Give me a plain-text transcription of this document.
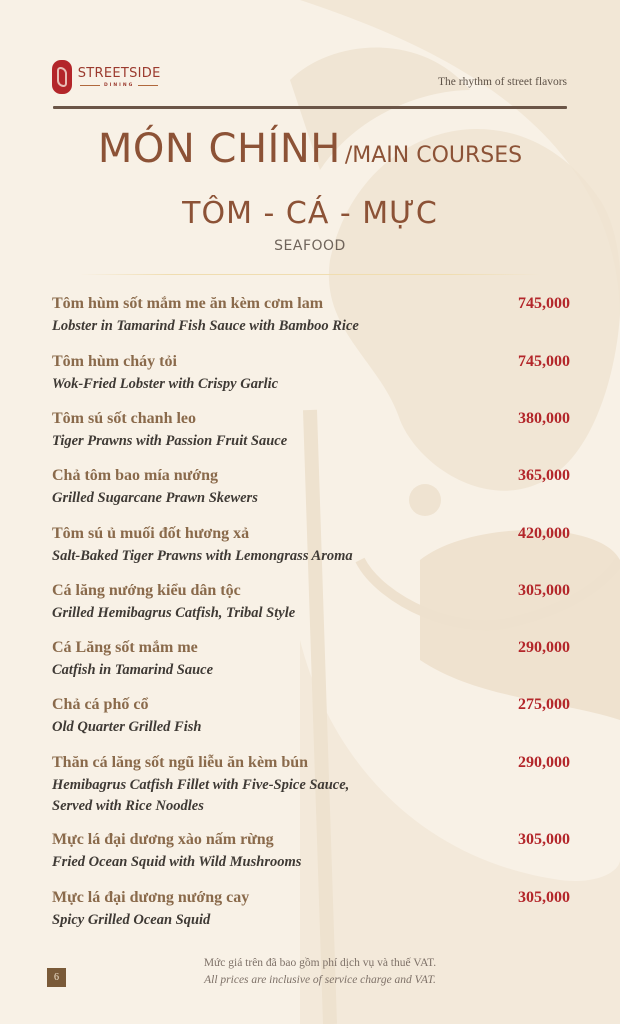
STREETSIDE
DINING	The rhythm of street flavors
MÓN CHÍNH /MAIN COURSES
TÔM - CÁ - MỰC
SEAFOOD
Tôm hùm sốt mắm me ăn kèm cơm lam
Lobster in Tamarind Fish Sauce with Bamboo Rice
745,000
Tôm hùm cháy tỏi
Wok-Fried Lobster with Crispy Garlic
745,000
Tôm sú sốt chanh leo
Tiger Prawns with Passion Fruit Sauce
380,000
Chả tôm bao mía nướng
Grilled Sugarcane Prawn Skewers
365,000
Tôm sú ủ muối đốt hương xả
Salt-Baked Tiger Prawns with Lemongrass Aroma
420,000
Cá lăng nướng kiểu dân tộc
Grilled Hemibagrus Catfish, Tribal Style
305,000
Cá Lăng sốt mắm me
Catfish in Tamarind Sauce
290,000
Chả cá phố cổ
Old Quarter Grilled Fish
275,000
Thăn cá lăng sốt ngũ liễu ăn kèm bún
Hemibagrus Catfish Fillet with Five-Spice Sauce,
Served with Rice Noodles
290,000
Mực lá đại dương xào nấm rừng
Fried Ocean Squid with Wild Mushrooms
305,000
Mực lá đại dương nướng cay
Spicy Grilled Ocean Squid
305,000
6
Mức giá trên đã bao gồm phí dịch vụ và thuế VAT.
All prices are inclusive of service charge and VAT.
